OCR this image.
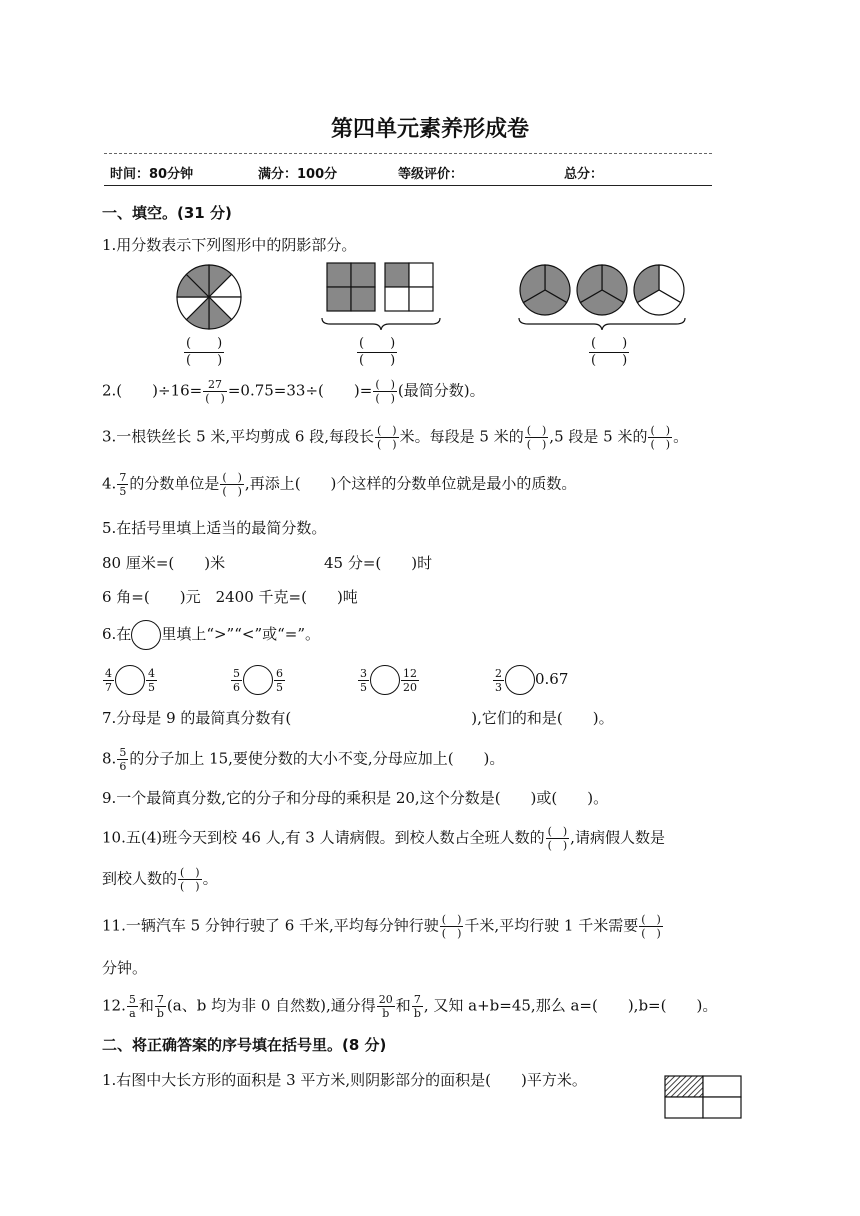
第四单元素养形成卷
时间：80分钟	满分：100分	等级评价：	总分：
一、填空。(31 分)
1.用分数表示下列图形中的阴影部分。
(　　)
(　　)
(　　)
(　　)
(　　)
(　　)
2.(　　)$\div 16= \frac{27}{( )} =0.75=33\div$(　　)= $\frac{( )}{( )}$ (最简分数)。
3.一根铁丝长 5 米,平均剪成 6 段,每段长 $\frac{( )}{( )}$ 米。每段是 5 米的 $\frac{( )}{( )} ,5$ 段是 5 米的 $\frac{( )}{( )}$ 。
4. $\frac{7}{5}$ 的分数单位是 $\frac{( )}{( )}$ ,再添上(　　)个这样的分数单位就是最小的质数。
5.在括号里填上适当的最简分数。
80 厘米=(　　)米	45 分=(　　)时
6 角=(　　)元　2400 千克=(　　)吨
6.在 里填上“>”“<”或“=”。
$\frac{4}{7}$	$\frac{4}{5}$	$\frac{5}{6}$	$\frac{6}{5}$	$\frac{3}{5}$	$\frac{12}{20}$	$\frac{2}{3} 0.67$
7.分母是 9 的最简真分数有(　　　　　　　　　　　　),它们的和是(　　)。
8. $\frac{5}{6}$ 的分子加上 15,要使分数的大小不变,分母应加上(　　)。
9.一个最简真分数,它的分子和分母的乘积是 20,这个分数是(　　)或(　　)。
10.五(4)班今天到校 46 人,有 3 人请病假。到校人数占全班人数的 $\frac{( )}{( )}$ ,请病假人数是
到校人数的 $\frac{( )}{( )}$ 。
11.一辆汽车 5 分钟行驶了 6 千米,平均每分钟行驶 $\frac{( )}{( )}$ 千米,平均行驶 1 千米需要 $\frac{( )}{( )}$
分钟。
12. $\frac{5}{a}$ 和 $\frac{7}{b} (a$、b 均为非 0 自然数),通分得 $\frac{20}{b}$ 和 $\frac{7}{b}$ , 又知 a+b=45,那么 a=(　　),b=(　　)。
二、将正确答案的序号填在括号里。(8 分)
1.右图中大长方形的面积是 3 平方米,则阴影部分的面积是(　　)平方米。
